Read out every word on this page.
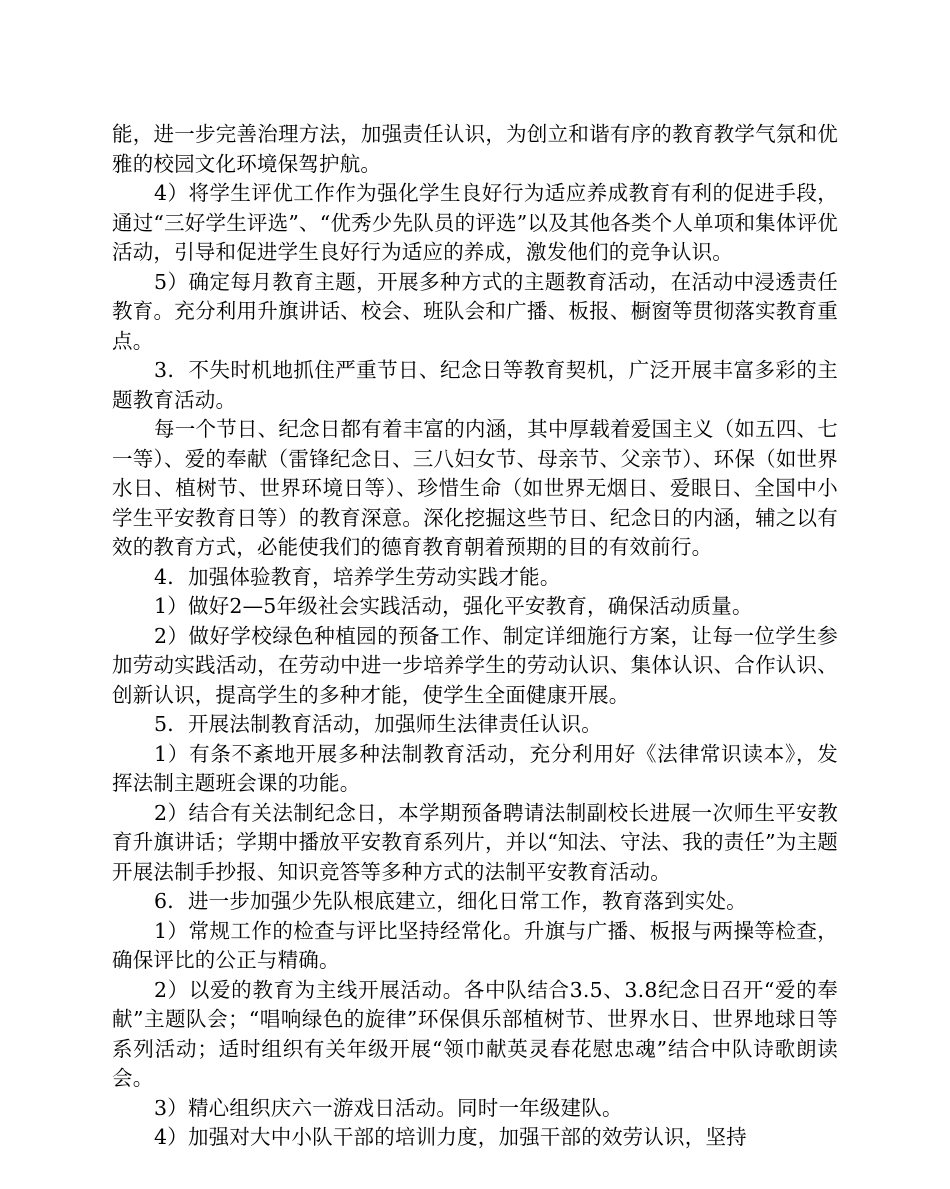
能，进一步完善治理方法，加强责任认识，为创立和谐有序的教育教学气氛和优雅的校园文化环境保驾护航。

4）将学生评优工作作为强化学生良好行为适应养成教育有利的促进手段，通过“三好学生评选”、“优秀少先队员的评选”以及其他各类个人单项和集体评优活动，引导和促进学生良好行为适应的养成，激发他们的竞争认识。

5）确定每月教育主题，开展多种方式的主题教育活动，在活动中浸透责任教育。充分利用升旗讲话、校会、班队会和广播、板报、橱窗等贯彻落实教育重点。

3．不失时机地抓住严重节日、纪念日等教育契机，广泛开展丰富多彩的主题教育活动。

每一个节日、纪念日都有着丰富的内涵，其中厚载着爱国主义（如五四、七一等）、爱的奉献（雷锋纪念日、三八妇女节、母亲节、父亲节）、环保（如世界水日、植树节、世界环境日等）、珍惜生命（如世界无烟日、爱眼日、全国中小学生平安教育日等）的教育深意。深化挖掘这些节日、纪念日的内涵，辅之以有效的教育方式，必能使我们的德育教育朝着预期的目的有效前行。

4．加强体验教育，培养学生劳动实践才能。

1）做好2—5年级社会实践活动，强化平安教育，确保活动质量。

2）做好学校绿色种植园的预备工作、制定详细施行方案，让每一位学生参加劳动实践活动，在劳动中进一步培养学生的劳动认识、集体认识、合作认识、创新认识，提高学生的多种才能，使学生全面健康开展。

5．开展法制教育活动，加强师生法律责任认识。

1）有条不紊地开展多种法制教育活动，充分利用好《法律常识读本》，发挥法制主题班会课的功能。

2）结合有关法制纪念日，本学期预备聘请法制副校长进展一次师生平安教育升旗讲话；学期中播放平安教育系列片，并以“知法、守法、我的责任”为主题开展法制手抄报、知识竞答等多种方式的法制平安教育活动。

6．进一步加强少先队根底建立，细化日常工作，教育落到实处。

1）常规工作的检查与评比坚持经常化。升旗与广播、板报与两操等检查，确保评比的公正与精确。

2）以爱的教育为主线开展活动。各中队结合3.5、3.8纪念日召开“爱的奉献”主题队会；“唱响绿色的旋律”环保俱乐部植树节、世界水日、世界地球日等系列活动；适时组织有关年级开展“领巾献英灵春花慰忠魂”结合中队诗歌朗读会。

3）精心组织庆六一游戏日活动。同时一年级建队。

4）加强对大中小队干部的培训力度，加强干部的效劳认识，坚持
